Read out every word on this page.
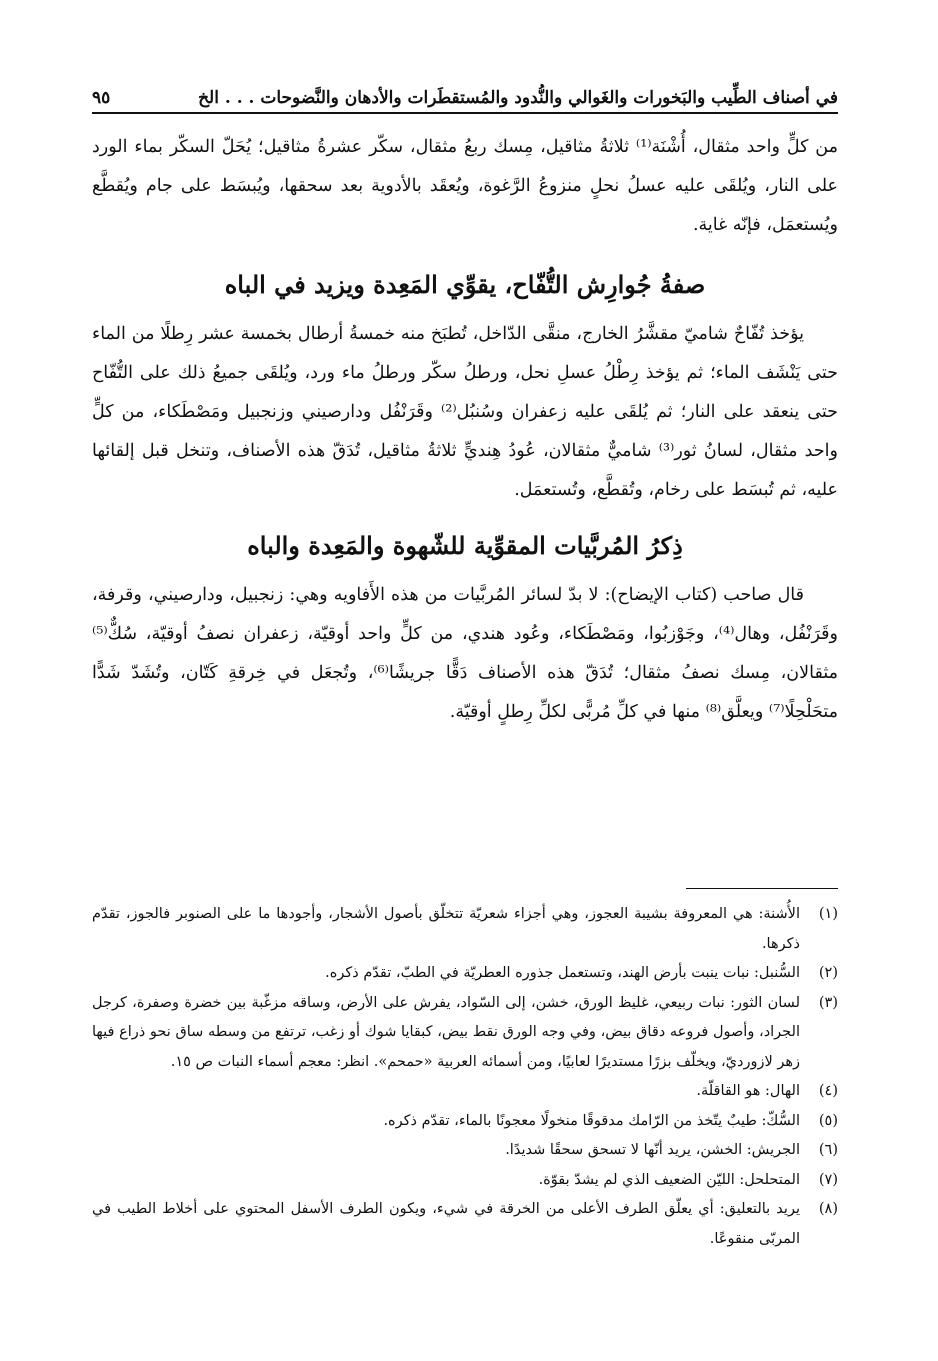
في أصناف الطِّيب والبَخورات والغَوالي والنُّدود والمُستقطَرات والأدهان والنَّضوحات . . . الخ
٩٥

من كلٍّ واحد مثقال، أُشْنَة⁽¹⁾ ثلاثةُ مثاقيل، مِسك ربعُ مثقال، سكّر عشرةُ مثاقيل؛ يُحَلّ السكّر بماء الورد على النار، ويُلقَى عليه عسلُ نحلٍ منزوعُ الرَّغوة، ويُعقَد بالأدوية بعد سحقها، ويُبسَط على جام ويُقطَّع ويُستعمَل، فإنّه غاية.

صفةُ جُوارِش التُّفّاح، يقوِّي المَعِدة ويزيد في الباه

يؤخذ تُفّاحٌ شاميّ مقشَّرُ الخارج، منقَّى الدّاخل، تُطبَخ منه خمسةُ أرطال بخمسة عشر رِطلًا من الماء حتى يَنْشَف الماء؛ ثم يؤخذ رِطْلُ عسلِ نحل، ورطلُ سكّر ورطلُ ماء ورد، ويُلقَى جميعُ ذلك على التُّفّاح حتى ينعقد على النار؛ ثم يُلقَى عليه زعفران وسُنبُل⁽²⁾ وقَرَنْفُل ودارصيني وزنجبيل ومَصْطَكاء، من كلٍّ واحد مثقال، لسانُ ثور⁽³⁾ شاميٌّ مثقالان، عُودُ هِنديٍّ ثلاثةُ مثاقيل، تُدَقّ هذه الأصناف، وتنخل قبل إلقائها عليه، ثم تُبسَط على رخام، وتُقطَّع، وتُستعمَل.

ذِكرُ المُربَّيات المقوِّية للشّهوة والمَعِدة والباه

قال صاحب (كتاب الإيضاح): لا بدّ لسائر المُربَّيات من هذه الأَفاويه وهي: زنجبيل، ودارصيني، وقرفة، وقَرَنْفُل، وهال⁽⁴⁾، وجَوْزبُوا، ومَصْطَكاء، وعُود هندي، من كلٍّ واحد أوقيّة، زعفران نصفُ أوقيّة، سُكٌّ⁽⁵⁾ مثقالان، مِسك نصفُ مثقال؛ تُدَقّ هذه الأصناف دَقًّا جريشًا⁽⁶⁾، وتُجعَل في خِرقةِ كَتّان، وتُشَدّ شَدًّا متحَلْحِلًا⁽⁷⁾ ويعلَّق⁽⁸⁾ منها في كلِّ مُربًّى لكلِّ رِطلٍ أوقيّة.

(١)
الأُشنة: هي المعروفة بشيبة العجوز، وهي أجزاء شعريّة تتخلّق بأصول الأشجار، وأجودها ما على الصنوبر فالجوز، تقدّم ذكرها.
(٢)
السُّنبل: نبات ينبت بأرض الهند، وتستعمل جذوره العطريّة في الطبّ، تقدّم ذكره.
(٣)
لسان الثور: نبات ربيعي، غليظ الورق، خشن، إلى السّواد، يفرش على الأرض، وساقه مزغّبة بين خضرة وصفرة، كرجل الجراد، وأصول فروعه دقاق بيض، وفي وجه الورق نقط بيض، كبقايا شوك أو زغب، ترتفع من وسطه ساق نحو ذراع فيها زهر لازورديّ، ويخلّف بزرًا مستديرًا لعابيًا، ومن أسمائه العربية «حمحم». انظر: معجم أسماء النبات ص ١٥.
(٤)
الهال: هو القاقلّة.
(٥)
السُّكّ: طيبٌ يتّخذ من الرّامك مدقوقًا منخولًا معجونًا بالماء، تقدّم ذكره.
(٦)
الجريش: الخشن، يريد أنّها لا تسحق سحقًا شديدًا.
(٧)
المتحلحل: الليّن الضعيف الذي لم يشدّ بقوّة.
(٨)
يريد بالتعليق: أي يعلّق الطرف الأعلى من الخرقة في شيء، ويكون الطرف الأسفل المحتوي على أخلاط الطيب في المربّى منقوعًا.
